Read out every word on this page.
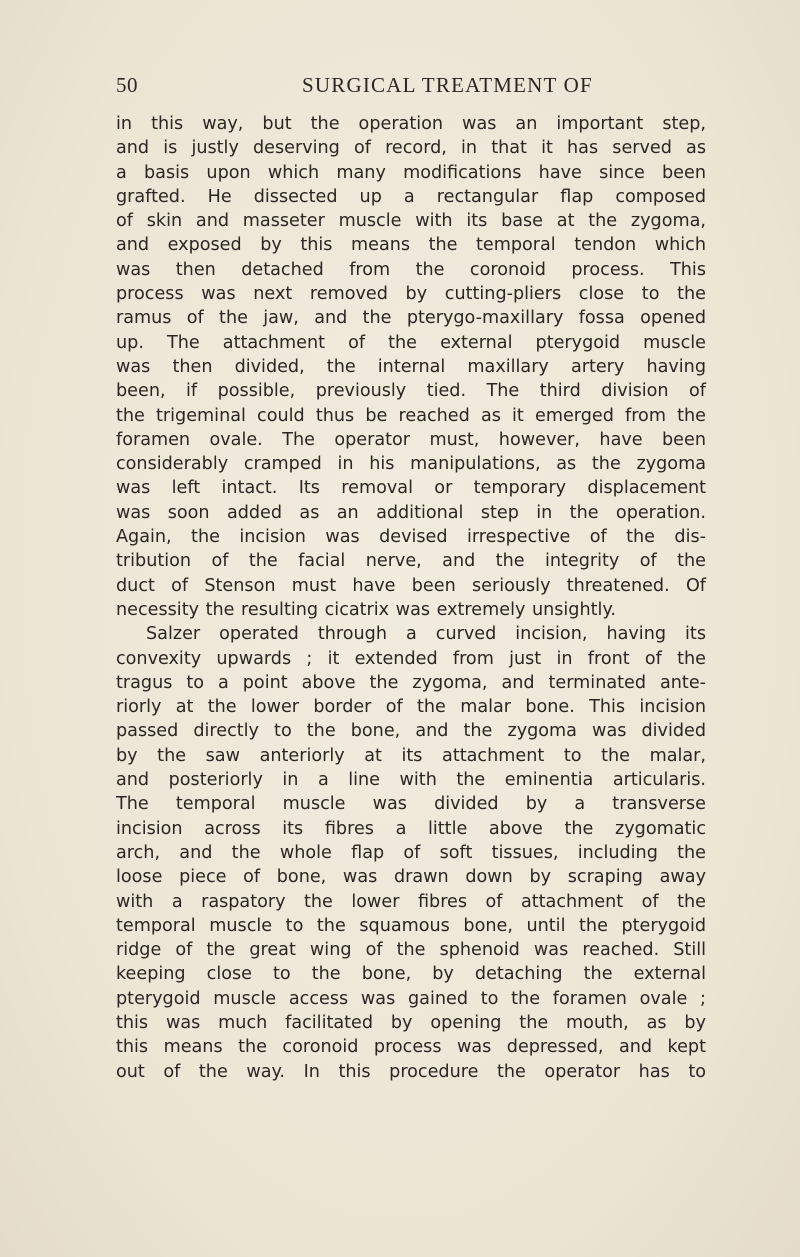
50	SURGICAL TREATMENT OF
in this way, but the operation was an important step,
and is justly deserving of record, in that it has served as
a basis upon which many modifications have since been
grafted. He dissected up a rectangular flap composed
of skin and masseter muscle with its base at the zygoma,
and exposed by this means the temporal tendon which
was then detached from the coronoid process. This
process was next removed by cutting-pliers close to the
ramus of the jaw, and the pterygo-maxillary fossa opened
up. The attachment of the external pterygoid muscle
was then divided, the internal maxillary artery having
been, if possible, previously tied. The third division of
the trigeminal could thus be reached as it emerged from the
foramen ovale. The operator must, however, have been
considerably cramped in his manipulations, as the zygoma
was left intact. Its removal or temporary displacement
was soon added as an additional step in the operation.
Again, the incision was devised irrespective of the dis-
tribution of the facial nerve, and the integrity of the
duct of Stenson must have been seriously threatened. Of
necessity the resulting cicatrix was extremely unsightly.
Salzer operated through a curved incision, having its
convexity upwards ; it extended from just in front of the
tragus to a point above the zygoma, and terminated ante-
riorly at the lower border of the malar bone. This incision
passed directly to the bone, and the zygoma was divided
by the saw anteriorly at its attachment to the malar,
and posteriorly in a line with the eminentia articularis.
The temporal muscle was divided by a transverse
incision across its fibres a little above the zygomatic
arch, and the whole flap of soft tissues, including the
loose piece of bone, was drawn down by scraping away
with a raspatory the lower fibres of attachment of the
temporal muscle to the squamous bone, until the pterygoid
ridge of the great wing of the sphenoid was reached. Still
keeping close to the bone, by detaching the external
pterygoid muscle access was gained to the foramen ovale ;
this was much facilitated by opening the mouth, as by
this means the coronoid process was depressed, and kept
out of the way. In this procedure the operator has to
